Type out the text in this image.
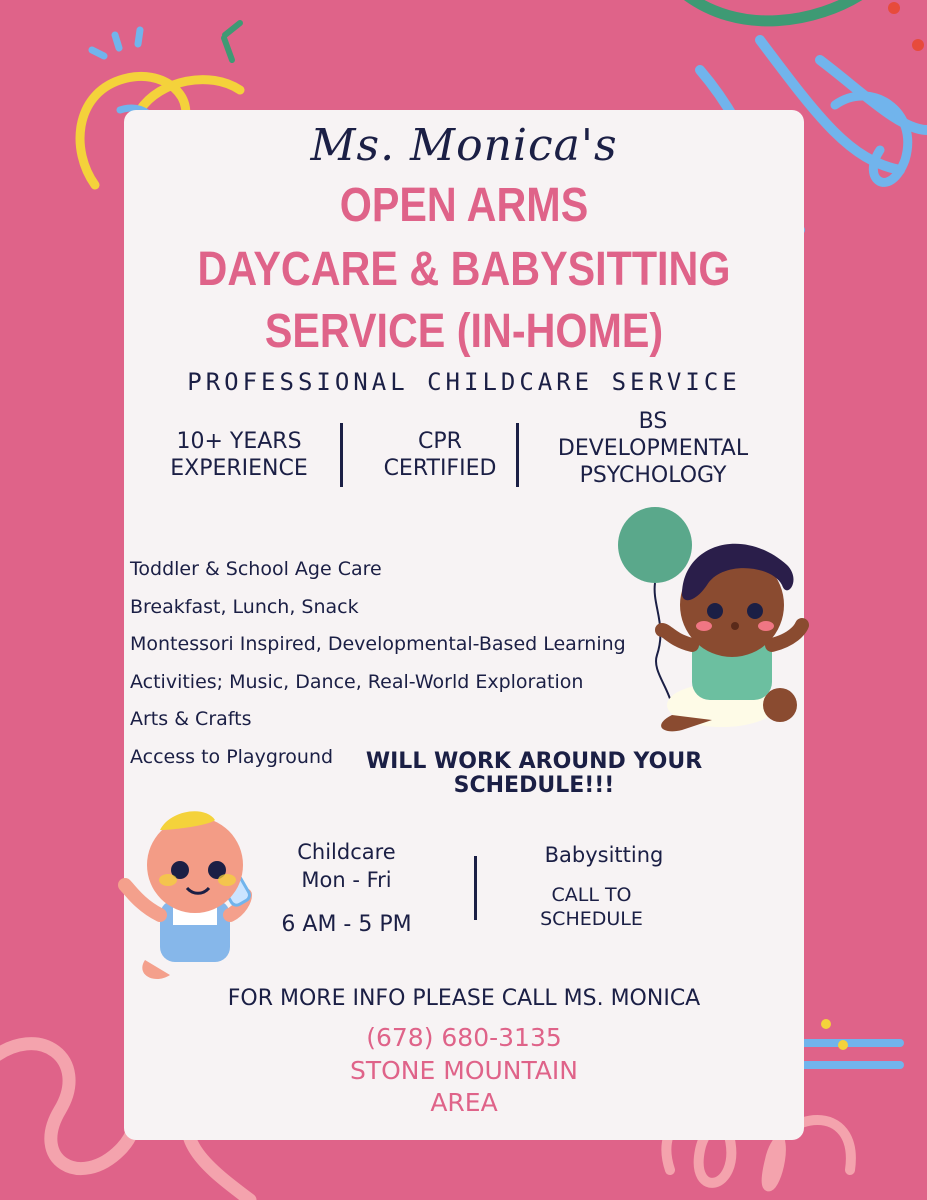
Ms. Monica's

OPEN ARMS

DAYCARE & BABYSITTING

SERVICE (IN-HOME)

PROFESSIONAL CHILDCARE SERVICE

10+ YEARS
EXPERIENCE
CPR
CERTIFIED
BS
DEVELOPMENTAL
PSYCHOLOGY
Toddler & School Age Care
Breakfast, Lunch, Snack
Montessori Inspired, Developmental-Based Learning
Activities; Music, Dance, Real-World Exploration
Arts & Crafts
Access to Playground	WILL WORK AROUND YOUR
SCHEDULE!!!
Childcare
Mon - Fri
6 AM - 5 PM
Babysitting
CALL TO
SCHEDULE
FOR MORE INFO PLEASE CALL MS. MONICA
(678) 680-3135
STONE MOUNTAIN
AREA
